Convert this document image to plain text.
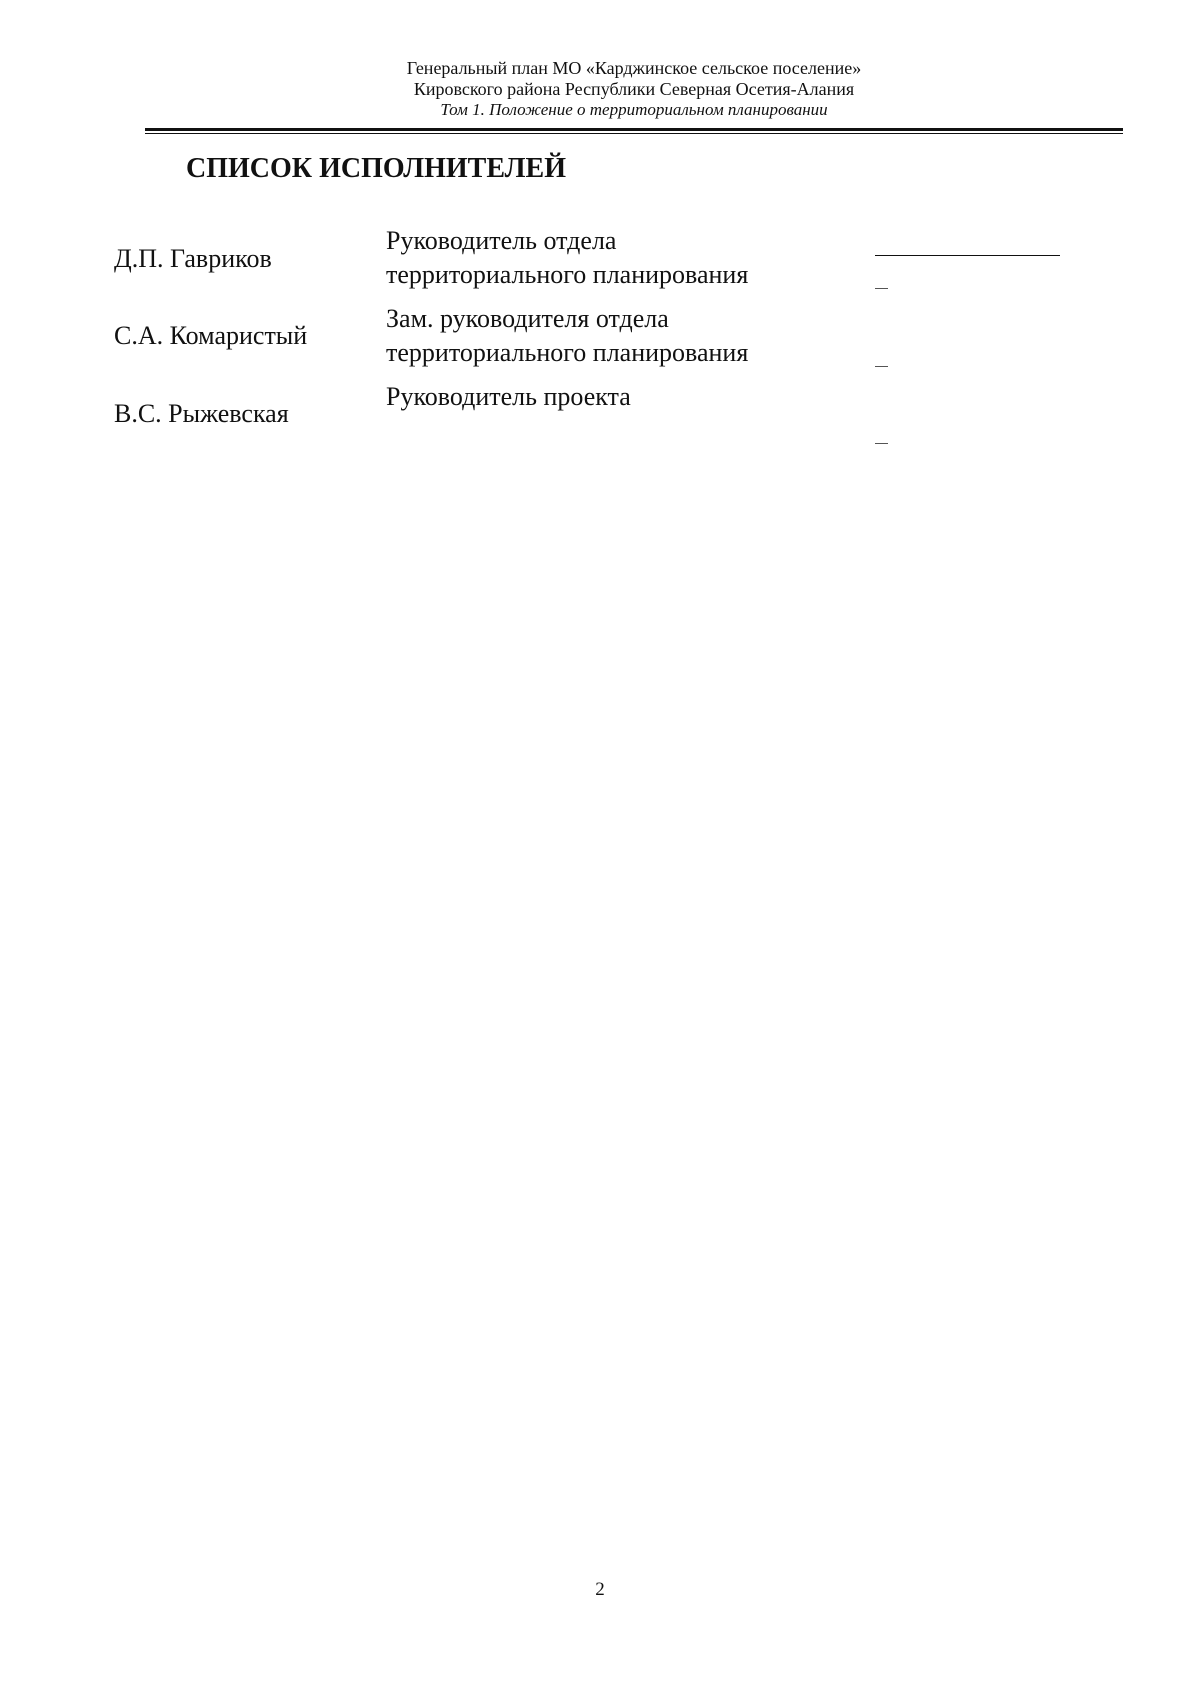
Генеральный план МО «Карджинское сельское поселение»
Кировского района Республики Северная Осетия-Алания
Том 1. Положение о территориальном планировании
СПИСОК ИСПОЛНИТЕЛЕЙ
Д.П. Гавриков
Руководитель отдела
территориального планирования
С.А. Комаристый
Зам. руководителя отдела
территориального планирования
В.С. Рыжевская
Руководитель проекта
2
